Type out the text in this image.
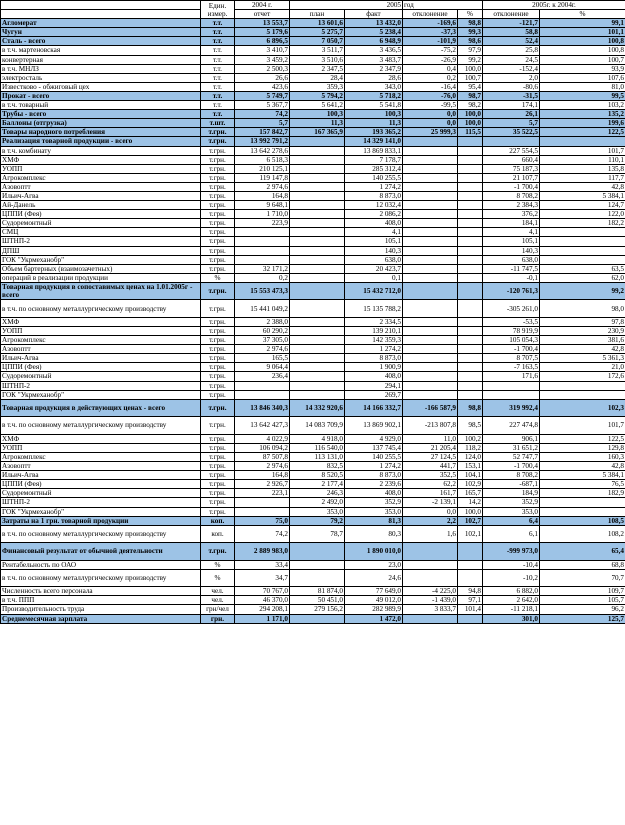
	Един. измер.	2004 г.	2005		год		2005г. к 2004г.	
		отчет	план	факт	отклонение	%	отклонение	%
Агломерат	т.т.	13 553,7	13 601,6	13 432,0	-169,6	98,8	-121,7	99,1
Чугун	т.т.	5 179,6	5 275,7	5 238,4	-37,3	99,3	58,8	101,1
Сталь - всего	т.т.	6 896,5	7 050,7	6 948,9	-101,9	98,6	52,4	100,8
в т.ч. мартеновская	т.т.	3 410,7	3 511,7	3 436,5	-75,2	97,9	25,8	100,8
конвертерная	т.т.	3 459,2	3 510,6	3 483,7	-26,9	99,2	24,5	100,7
в т.ч. МНЛЗ	т.т.	2 500,3	2 347,5	2 347,9	0,4	100,0	-152,4	93,9
электросталь	т.т.	26,6	28,4	28,6	0,2	100,7	2,0	107,6
Известково - обжиговый цех	т.т.	423,6	359,3	343,0	-16,4	95,4	-80,6	81,0
Прокат - всего	т.т.	5 749,7	5 794,2	5 718,2	-76,0	98,7	-31,5	99,5
в т.ч. товарный	т.т.	5 367,7	5 641,2	5 541,8	-99,5	98,2	174,1	103,2
Трубы - всего	т.т.	74,2	100,3	100,3	0,0	100,0	26,1	135,2
Баллоны (отгрузка)	т.шт.	5,7	11,3	11,3	0,0	100,0	5,7	199,6
Товары народного потребления	т.грн.	157 842,7	167 365,9	193 365,2	25 999,3	115,5	35 522,5	122,5
Реализация товарной продукции - всего	т.грн.	13 992 791,2		14 329 141,0				
в т.ч. комбинату	т.грн.	13 642 278,6		13 869 833,1			227 554,5	101,7
ХМФ	т.грн.	6 518,3		7 178,7			660,4	110,1
УОПП	т.грн.	210 125,1		285 312,4			75 187,3	135,8
Агрокомплекс	т.грн.	119 147,8		140 255,5			21 107,7	117,7
Азовоптт	т.грн.	2 974,6		1 274,2			-1 700,4	42,8
Ильич-Агва	т.грн.	164,8		8 873,0			8 708,2	5 384,1
Ай-Данель	т.грн.	9 648,1		12 032,4			2 384,3	124,7
ЦППИ (Фея)	т.грн.	1 710,0		2 086,2			376,2	122,0
Судоремонтный	т.грн.	223,9		408,0			184,1	182,2
СМЦ	т.грн.			4,1			4,1	
ШТНП-2	т.грн.			105,1			105,1	
ДПШ	т.грн.			140,3			140,3	
ГОК "Укрмеханобр"	т.грн.			638,0			638,0	
Объем бартерных (взаимозачетных)	т.грн.	32 171,2		20 423,7			-11 747,5	63,5
операций в реализации продукции	%	0,2		0,1			-0,1	62,0
Товарная продукция в сопоставимых ценах на 1.01.2005г - всего	т.грн.	15 553 473,3		15 432 712,0			-120 761,3	99,2
в т.ч. по основному металлургическому производству	т.грн.	15 441 049,2		15 135 788,2			-305 261,0	98,0
ХМФ	т.грн.	2 388,0		2 334,5			-53,5	97,8
УОПП	т.грн.	60 290,2		139 210,1			78 919,9	230,9
Агрокомплекс	т.грн.	37 305,0		142 359,3			105 054,3	381,6
Азовоптт	т.грн.	2 974,6		1 274,2			-1 700,4	42,8
Ильич-Агва	т.грн.	165,5		8 873,0			8 707,5	5 361,3
ЦППИ (Фея)	т.грн.	9 064,4		1 900,9			-7 163,5	21,0
Судоремонтный	т.грн.	236,4		408,0			171,6	172,6
ШТНП-2	т.грн.			294,1				
ГОК "Укрмеханобр"	т.грн.			269,7				
Товарная продукция в действующих ценах - всего	т.грн.	13 846 340,3	14 332 920,6	14 166 332,7	-166 587,9	98,8	319 992,4	102,3
в т.ч. по основному металлургическому производству	т.грн.	13 642 427,3	14 083 709,9	13 869 902,1	-213 807,8	98,5	227 474,8	101,7
ХМФ	т.грн.	4 022,9	4 918,0	4 929,0	11,0	100,2	906,1	122,5
УОПП	т.грн.	106 094,2	116 540,0	137 745,4	21 205,4	118,2	31 651,2	129,8
Агрокомплекс	т.грн.	87 507,8	113 131,0	140 255,5	27 124,5	124,0	52 747,7	160,3
Азовоптт	т.грн.	2 974,6	832,5	1 274,2	441,7	153,1	-1 700,4	42,8
Ильич-Агва	т.грн.	164,8	8 520,5	8 873,0	352,5	104,1	8 708,2	5 384,1
ЦППИ (Фея)	т.грн.	2 926,7	2 177,4	2 239,6	62,2	102,9	-687,1	76,5
Судоремонтный	т.грн.	223,1	246,3	408,0	161,7	165,7	184,9	182,9
ШТНП-2	т.грн.		2 492,0	352,9	-2 139,1	14,2	352,9	
ГОК "Укрмеханобр"	т.грн.		353,0	353,0	0,0	100,0	353,0	
Затраты на 1 грн. товарной продукции	коп.	75,0	79,2	81,3	2,2	102,7	6,4	108,5
в т.ч. по основному металлургическому производству	коп.	74,2	78,7	80,3	1,6	102,1	6,1	108,2
Финансовый результат от обычной деятельности	т.грн.	2 889 983,0		1 890 010,0			-999 973,0	65,4
Рентабельность по ОАО	%	33,4		23,0			-10,4	68,8
в т.ч. по основному металлургическому производству	%	34,7		24,6			-10,2	70,7
Численность всего персонала	чел.	70 767,0	81 874,0	77 649,0	-4 225,0	94,8	6 882,0	109,7
в т.ч. ППП	чел.	46 370,0	50 451,0	49 012,0	-1 439,0	97,1	2 642,0	105,7
Производительность труда	грн/чел	294 208,1	279 156,2	282 989,9	3 833,7	101,4	-11 218,1	96,2
Среднемесячная зарплата	грн.	1 171,0		1 472,0			301,0	125,7
